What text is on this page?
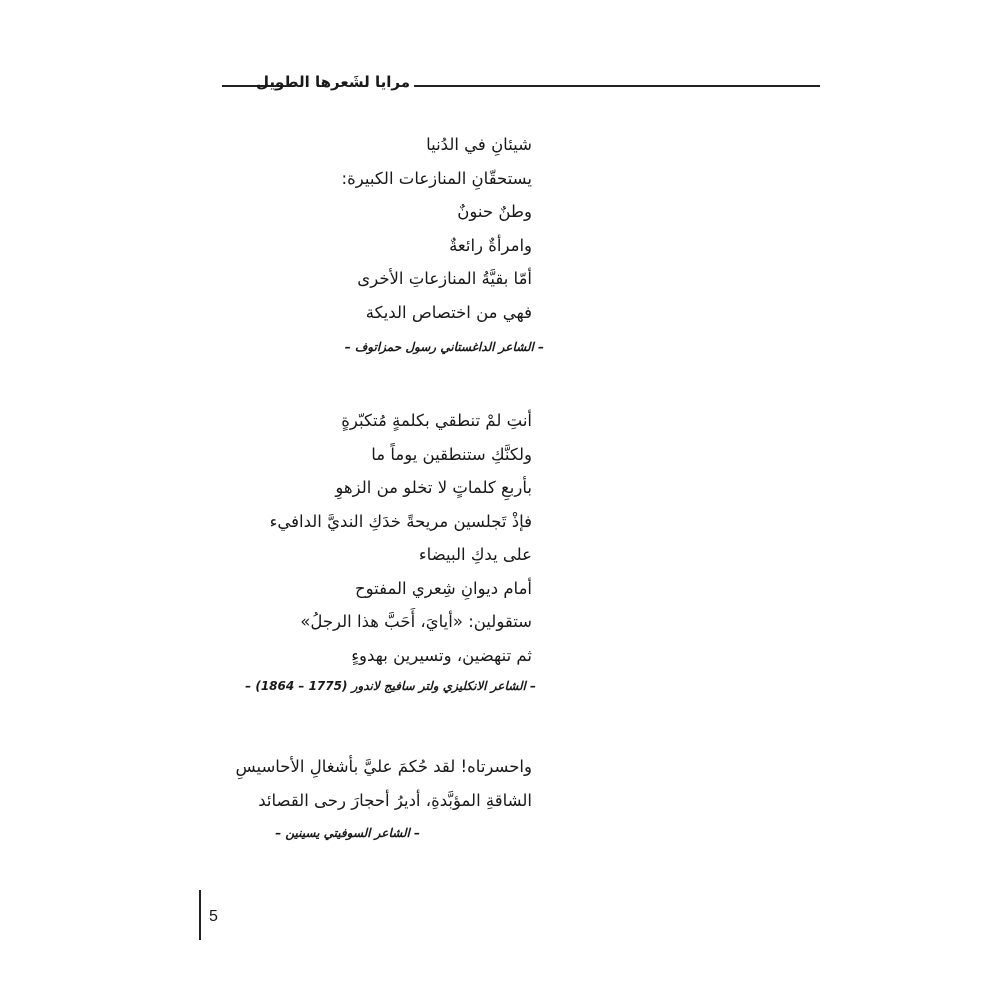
مرايا لشَعرها الطويل
شيئانِ في الدُنيا
يستحقّانِ المنازعات الكبيرة:
وطنٌ حنونٌ
وامرأةٌ رائعةٌ
أمّا بقيَّةُ المنازعاتِ الأخرى
فهي من اختصاص الديكة
– الشاعر الداغستاني رسول حمزاتوف –
أنتِ لمْ تنطقي بكلمةٍ مُتكبّرةٍ
ولكنَّكِ ستنطقين يوماً ما
بأربعِ كلماتٍ لا تخلو من الزهوِ
فإذْ تَجلسين مريحةً خدَكِ النديَّ الدافيء
على يدكِ البيضاء
أمام ديوانِ شِعري المفتوح
ستقولين: «أيايَ، أَحَبَّ هذا الرجلُ»
ثم تنهضين، وتسيرين بهدوءٍ
– الشاعر الانكليزي ولتر سافيج لاندور (1775 – 1864) –
واحسرتاه! لقد حُكمَ عليَّ بأشغالِ الأحاسيسِ
الشاقةِ المؤبَّدةِ، أديرُ أحجارَ رحى القصائد
– الشاعر السوفيتي يسينين –
5
